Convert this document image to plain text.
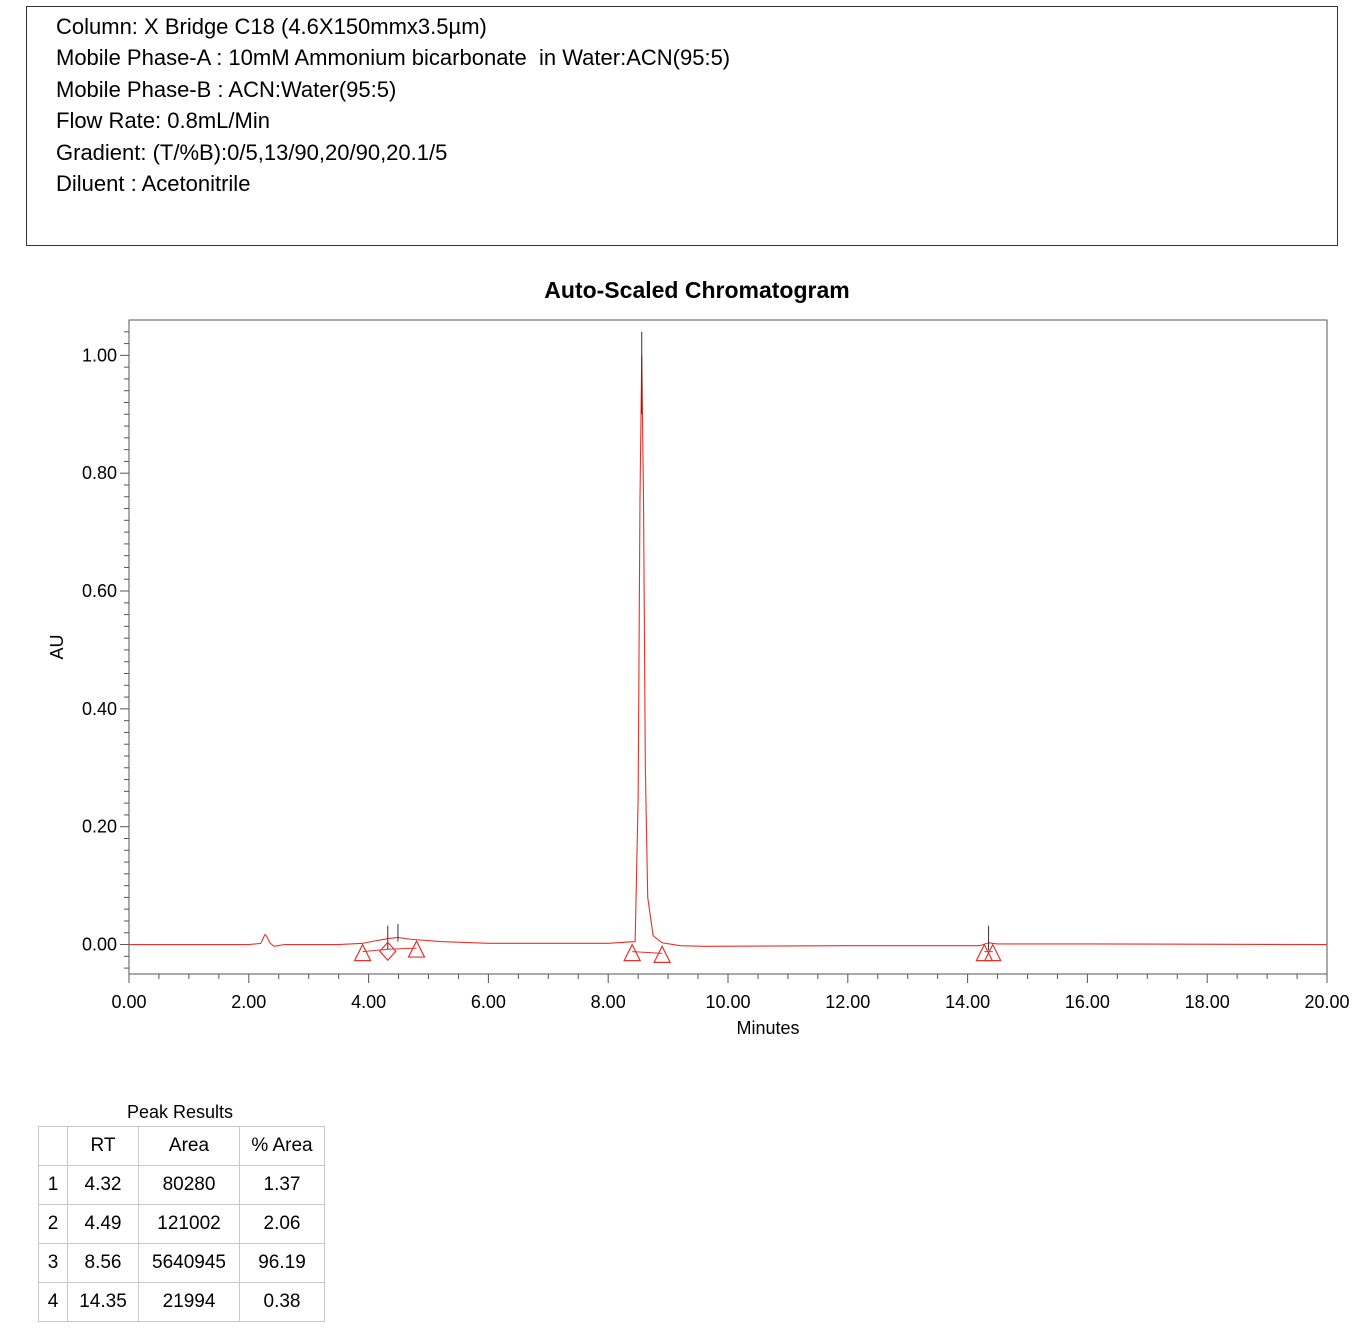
Column: X Bridge C18 (4.6X150mmx3.5µm)
Mobile Phase-A : 10mM Ammonium bicarbonate  in Water:ACN(95:5)
Mobile Phase-B : ACN:Water(95:5)
Flow Rate: 0.8mL/Min
Gradient: (T/%B):0/5,13/90,20/90,20.1/5
Diluent : Acetonitrile
Auto-Scaled Chromatogram
0.00
0.20
0.40
0.60
0.80
1.00
0.00	2.00	4.00	6.00	8.00	10.00	12.00	14.00	16.00	18.00	20.00
Minutes
AU
Peak Results
	RT	Area	% Area
1	4.32	80280	1.37
2	4.49	121002	2.06
3	8.56	5640945	96.19
4	14.35	21994	0.38
